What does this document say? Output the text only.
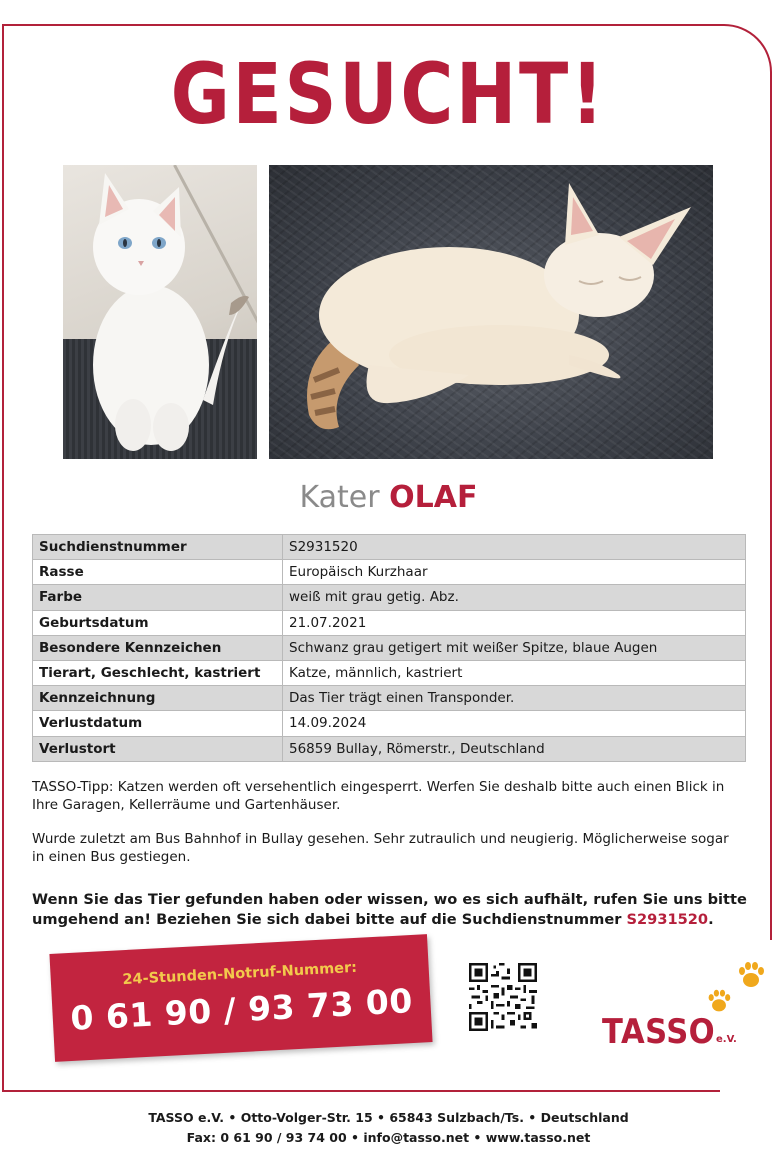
GESUCHT!
Kater OLAF
Suchdienstnummer	S2931520
Rasse	Europäisch Kurzhaar
Farbe	weiß mit grau getig. Abz.
Geburtsdatum	21.07.2021
Besondere Kennzeichen	Schwanz grau getigert mit weißer Spitze, blaue Augen
Tierart, Geschlecht, kastriert	Katze, männlich, kastriert
Kennzeichnung	Das Tier trägt einen Transponder.
Verlustdatum	14.09.2024
Verlustort	56859 Bullay, Römerstr., Deutschland
TASSO-Tipp: Katzen werden oft versehentlich eingesperrt. Werfen Sie deshalb bitte auch einen Blick in
Ihre Garagen, Kellerräume und Gartenhäuser.
Wurde zuletzt am Bus Bahnhof in Bullay gesehen. Sehr zutraulich und neugierig. Möglicherweise sogar
in einen Bus gestiegen.
Wenn Sie das Tier gefunden haben oder wissen, wo es sich aufhält, rufen Sie uns bitte
umgehend an! Beziehen Sie sich dabei bitte auf die Suchdienstnummer S2931520.
24-Stunden-Notruf-Nummer:
0 61 90 / 93 73 00	TASSO e.V.
TASSO e.V. • Otto-Volger-Str. 15 • 65843 Sulzbach/Ts. • Deutschland
Fax: 0 61 90 / 93 74 00 • info@tasso.net • www.tasso.net
